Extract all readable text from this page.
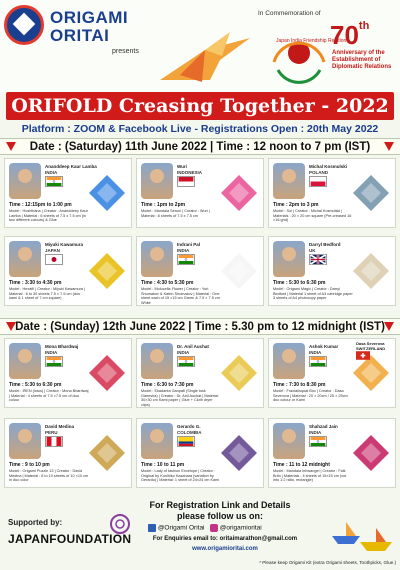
ORIGAMI
ORITAI
presents
In Commemoration of
Japan India Friendship Relations
70th
Anniversary of the Establishment of Diplomatic Relations
ORIFOLD Creasing Together - 2022
Platform : ZOOM & Facebook Live - Registrations Open : 20th May 2022
Date : (Saturday) 11th June 2022 | Time : 12 noon to 7 pm (IST)
Date : (Sunday) 12th June 2022 | Time : 5.30 pm to 12 midnight (IST)
Ananddeep Kaur Lamba
INDIA
Time : 12:15pm to 1:00 pm
Model : Hoshibana | Creator : Ananddeep Kaur Lamba | Material : 6 sheets of 7.5 x 7.5 cm (in two different colours) & Glue
Wuri
INDONESIA
Time : 1pm to 2pm
Model : Mandala Seruni | Creator : Wuri | Material : 8 sheets of 7.5 x 7.5 cm
Michal Kosmulski
POLAND
Time : 2pm to 3 pm
Model : Sol | Creator : Michal Kosmulski | Materials : 20 × 20 cm square (Pre-creased 16 ×16 grid)
Miyuki Kawamura
JAPAN
Time : 3:30 to 4:30 pm
Model : Hexafil | Creator : Miyuki Kawamura | Material : 6 to 30 sheets 7.5 × 7.5 cm (duo kami & 1 sheet of 7 cm square)
Indrani Pal
INDIA
Time : 4:30 to 5:30 pm
Model : Molucella Flower | Creator : Yuri Shumakov & Katrin Shumakov | Material : One sheet each of 15 ×15 cm Green & 7.5 × 7.5 cm White
Darryl Bedford
UK
Time : 5:30 to 6:30 pm
Model : Origami Magic | Creator : Darryl Bedford | Material 1 sheet of A3 cartridge paper 3 sheets of A4 photocopy paper
Mona Bhardwaj
INDIA
Time : 5:30 to 6:30 pm
Model : IREN (lotus) | Creator : Mona Bhardwaj | Material : 4 sheets of 7.5 ×7.5 cm of duo colour
Dr. Anil Auchat
INDIA
Time : 6:30 to 7:30 pm
Model : Ekadanta Ganpati (Single tusk Ganesha) | Creator : Dr. Anil Auchat | Material: 30×30 cm Kami paper ( Glue + Cloth dryer clips)
Ashok Kumar
INDIA
Time : 7:30 to 8:30 pm
Model : Fractalisquat Box | Creator : Dasa Severova | Material : 20 × 20cm / 25 × 25cm duo colour or Kami
Dasa Severova
SWITZERLAND
David Medina
PERU
Time : 9 to 10 pm
Model : Origami Puzzle 13 | Creator : David Medina | Material : 6 to 10 sheets of 10 ×10 cm in duo color
Gerardo G.
COLOMBIA
Time : 10 to 11 pm
Model : Lady of fashion Envelope | Creator : Original by Kunihiko Kasahara (variation by Gerardo) | Material: 1 sheet of 24×24 cm Kami
Shahzad Jain
INDIA
Time : 11 to 12 midnight
Model : Mandala Inhwangei | Creator : Falk Brito | Materials : 4 sheets of 15×15 cm (cut into 1:2 ratio, rectangle)
Supported by:
JAPANFOUNDATION
For Registration Link and Details
please follow us on:
@Origami Oritai @origamioritai
For Enquiries email to: oritaimarathon@gmail.com
www.origamioritai.com
* Please keep Origami Kit (extra Origami sheets, Toothpicks, Glue.)
